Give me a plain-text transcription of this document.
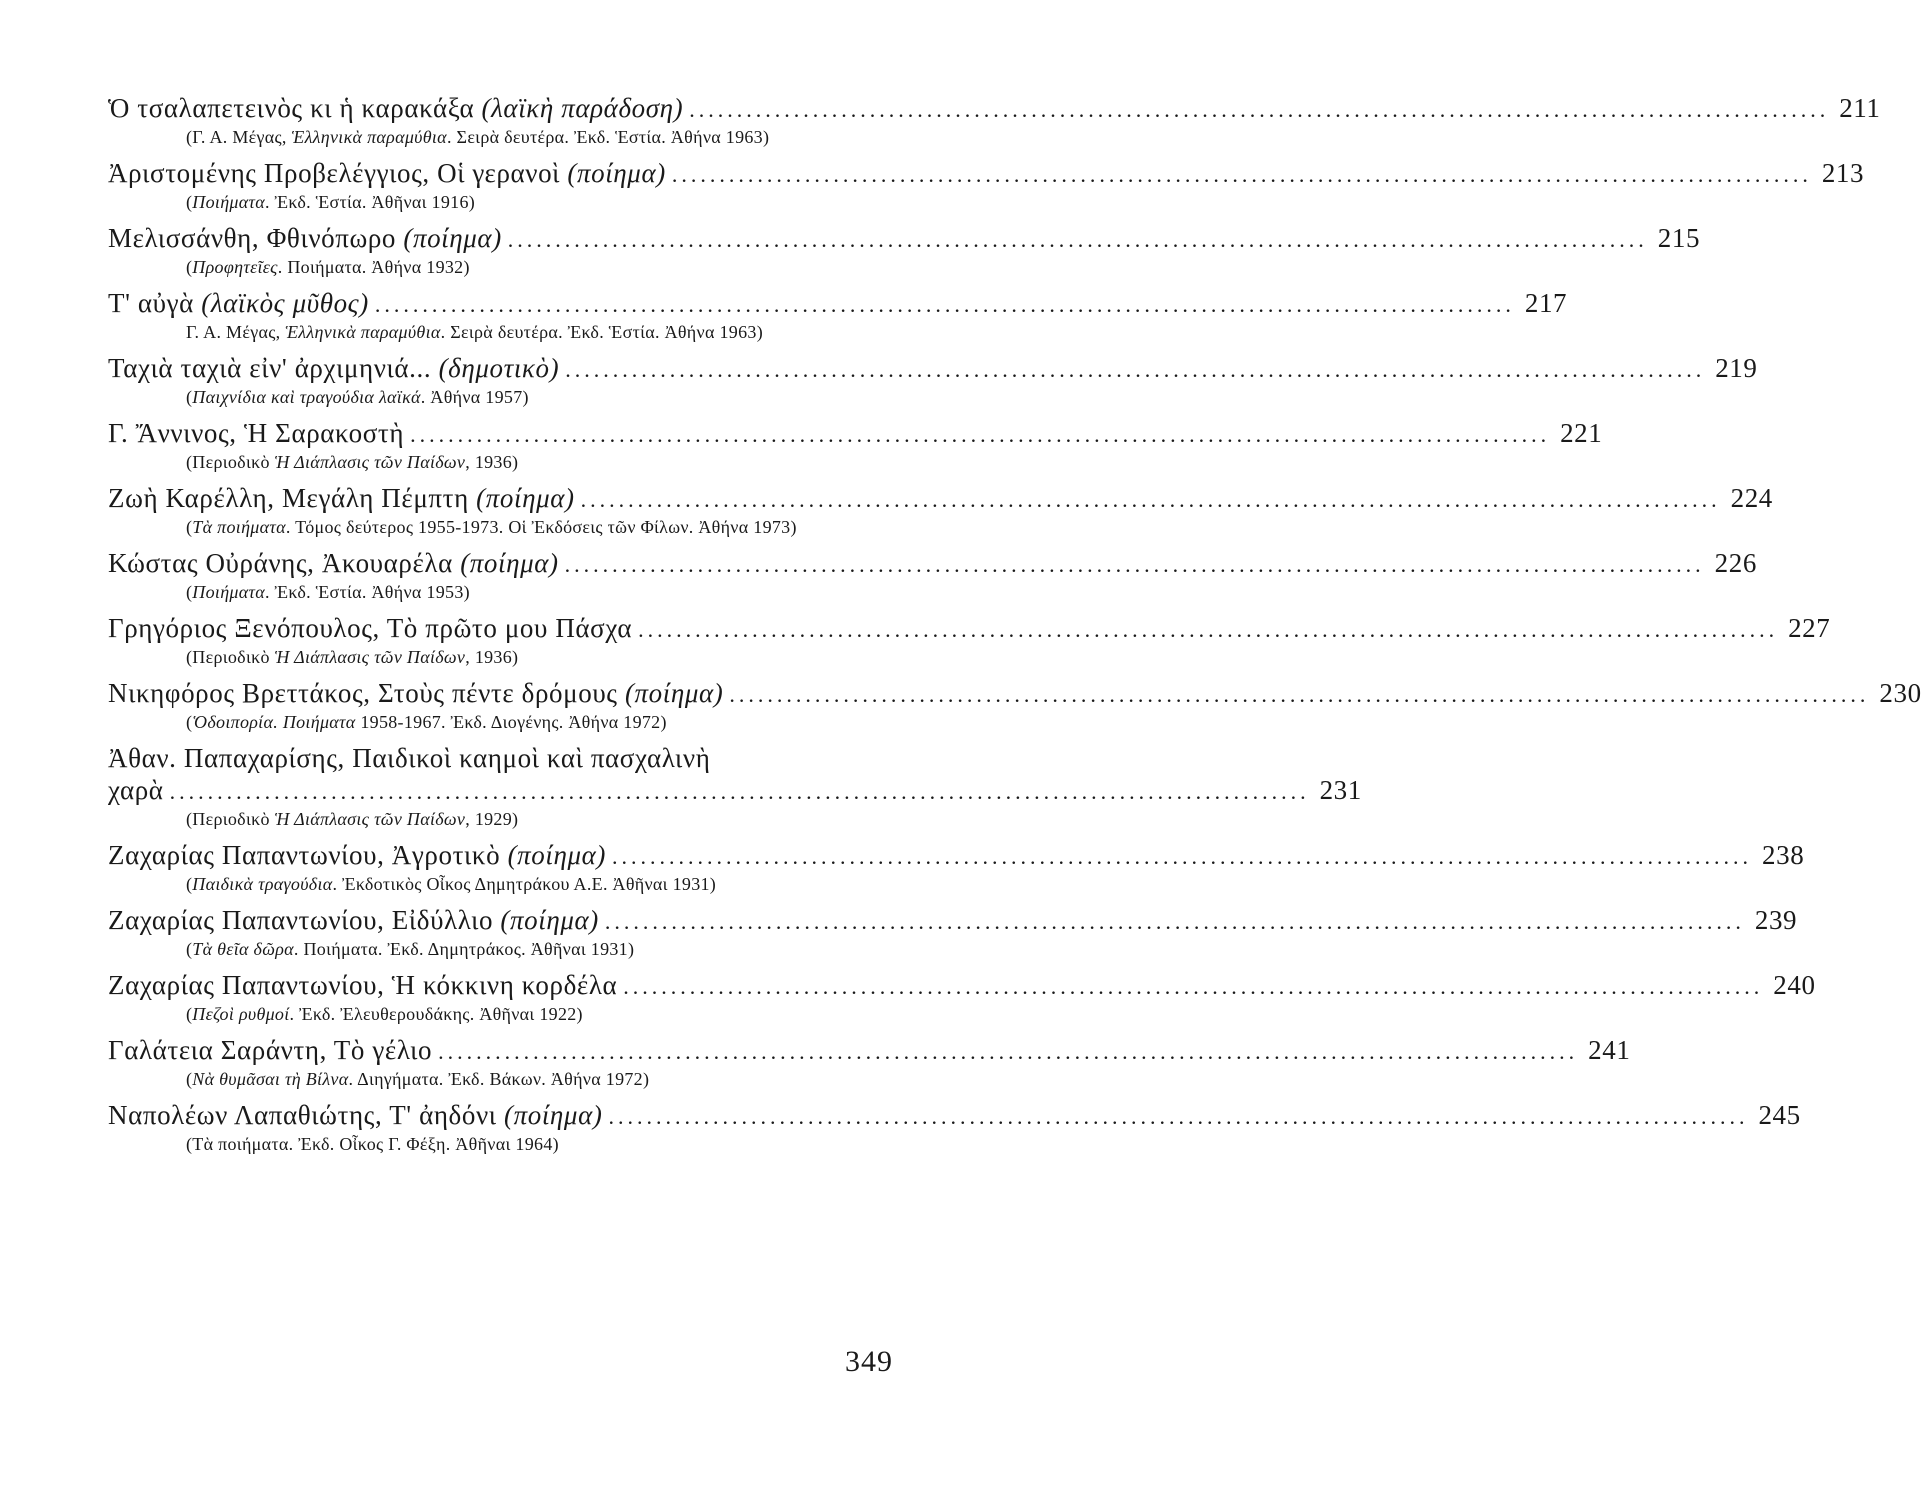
Ὁ τσαλαπετεινὸς κι ἡ καρακάξα (λαϊκὴ παράδοση) ........................................................................................................................ 211
(Γ. Α. Μέγας, Ἑλληνικὰ παραμύθια. Σειρὰ δευτέρα. Ἐκδ. Ἑστία. Ἀθήνα 1963)
Ἀριστομένης Προβελέγγιος, Οἱ γερανοὶ (ποίημα) ........................................................................................................................ 213
(Ποιήματα. Ἐκδ. Ἑστία. Ἀθῆναι 1916)
Μελισσάνθη, Φθινόπωρο (ποίημα) ........................................................................................................................ 215
(Προφητεῖες. Ποιήματα. Ἀθήνα 1932)
Τ' αὐγὰ (λαϊκὸς μῦθος) ........................................................................................................................ 217
Γ. Α. Μέγας, Ἑλληνικὰ παραμύθια. Σειρὰ δευτέρα. Ἐκδ. Ἑστία. Ἀθήνα 1963)
Ταχιὰ ταχιὰ εἰν' ἀρχιμηνιά... (δημοτικὸ) ........................................................................................................................ 219
(Παιχνίδια καὶ τραγούδια λαϊκά. Ἀθήνα 1957)
Γ. Ἄννινος, Ἡ Σαρακοστὴ ........................................................................................................................ 221
(Περιοδικὸ Ἡ Διάπλασις τῶν Παίδων, 1936)
Ζωὴ Καρέλλη, Μεγάλη Πέμπτη (ποίημα) ........................................................................................................................ 224
(Τὰ ποιήματα. Τόμος δεύτερος 1955-1973. Οἱ Ἐκδόσεις τῶν Φίλων. Ἀθήνα 1973)
Κώστας Οὐράνης, Ἀκουαρέλα (ποίημα) ........................................................................................................................ 226
(Ποιήματα. Ἐκδ. Ἑστία. Ἀθήνα 1953)
Γρηγόριος Ξενόπουλος, Τὸ πρῶτο μου Πάσχα ........................................................................................................................ 227
(Περιοδικὸ Ἡ Διάπλασις τῶν Παίδων, 1936)
Νικηφόρος Βρεττάκος, Στοὺς πέντε δρόμους (ποίημα) ........................................................................................................................ 230
(Ὁδοιπορία. Ποιήματα 1958-1967. Ἐκδ. Διογένης. Ἀθήνα 1972)
Ἀθαν. Παπαχαρίσης, Παιδικοὶ καημοὶ καὶ πασχαλινὴ
χαρὰ ........................................................................................................................ 231
(Περιοδικὸ Ἡ Διάπλασις τῶν Παίδων, 1929)
Ζαχαρίας Παπαντωνίου, Ἀγροτικὸ (ποίημα) ........................................................................................................................ 238
(Παιδικὰ τραγούδια. Ἐκδοτικὸς Οἶκος Δημητράκου Α.Ε. Ἀθῆναι 1931)
Ζαχαρίας Παπαντωνίου, Εἰδύλλιο (ποίημα) ........................................................................................................................ 239
(Τὰ θεῖα δῶρα. Ποιήματα. Ἐκδ. Δημητράκος. Ἀθῆναι 1931)
Ζαχαρίας Παπαντωνίου, Ἡ κόκκινη κορδέλα ........................................................................................................................ 240
(Πεζοὶ ρυθμοί. Ἐκδ. Ἐλευθερουδάκης. Ἀθῆναι 1922)
Γαλάτεια Σαράντη, Τὸ γέλιο ........................................................................................................................ 241
(Νὰ θυμᾶσαι τὴ Βίλνα. Διηγήματα. Ἐκδ. Βάκων. Ἀθήνα 1972)
Ναπολέων Λαπαθιώτης, Τ' ἀηδόνι (ποίημα) ........................................................................................................................ 245
(Τὰ ποιήματα. Ἐκδ. Οἶκος Γ. Φέξη. Ἀθῆναι 1964)
349
